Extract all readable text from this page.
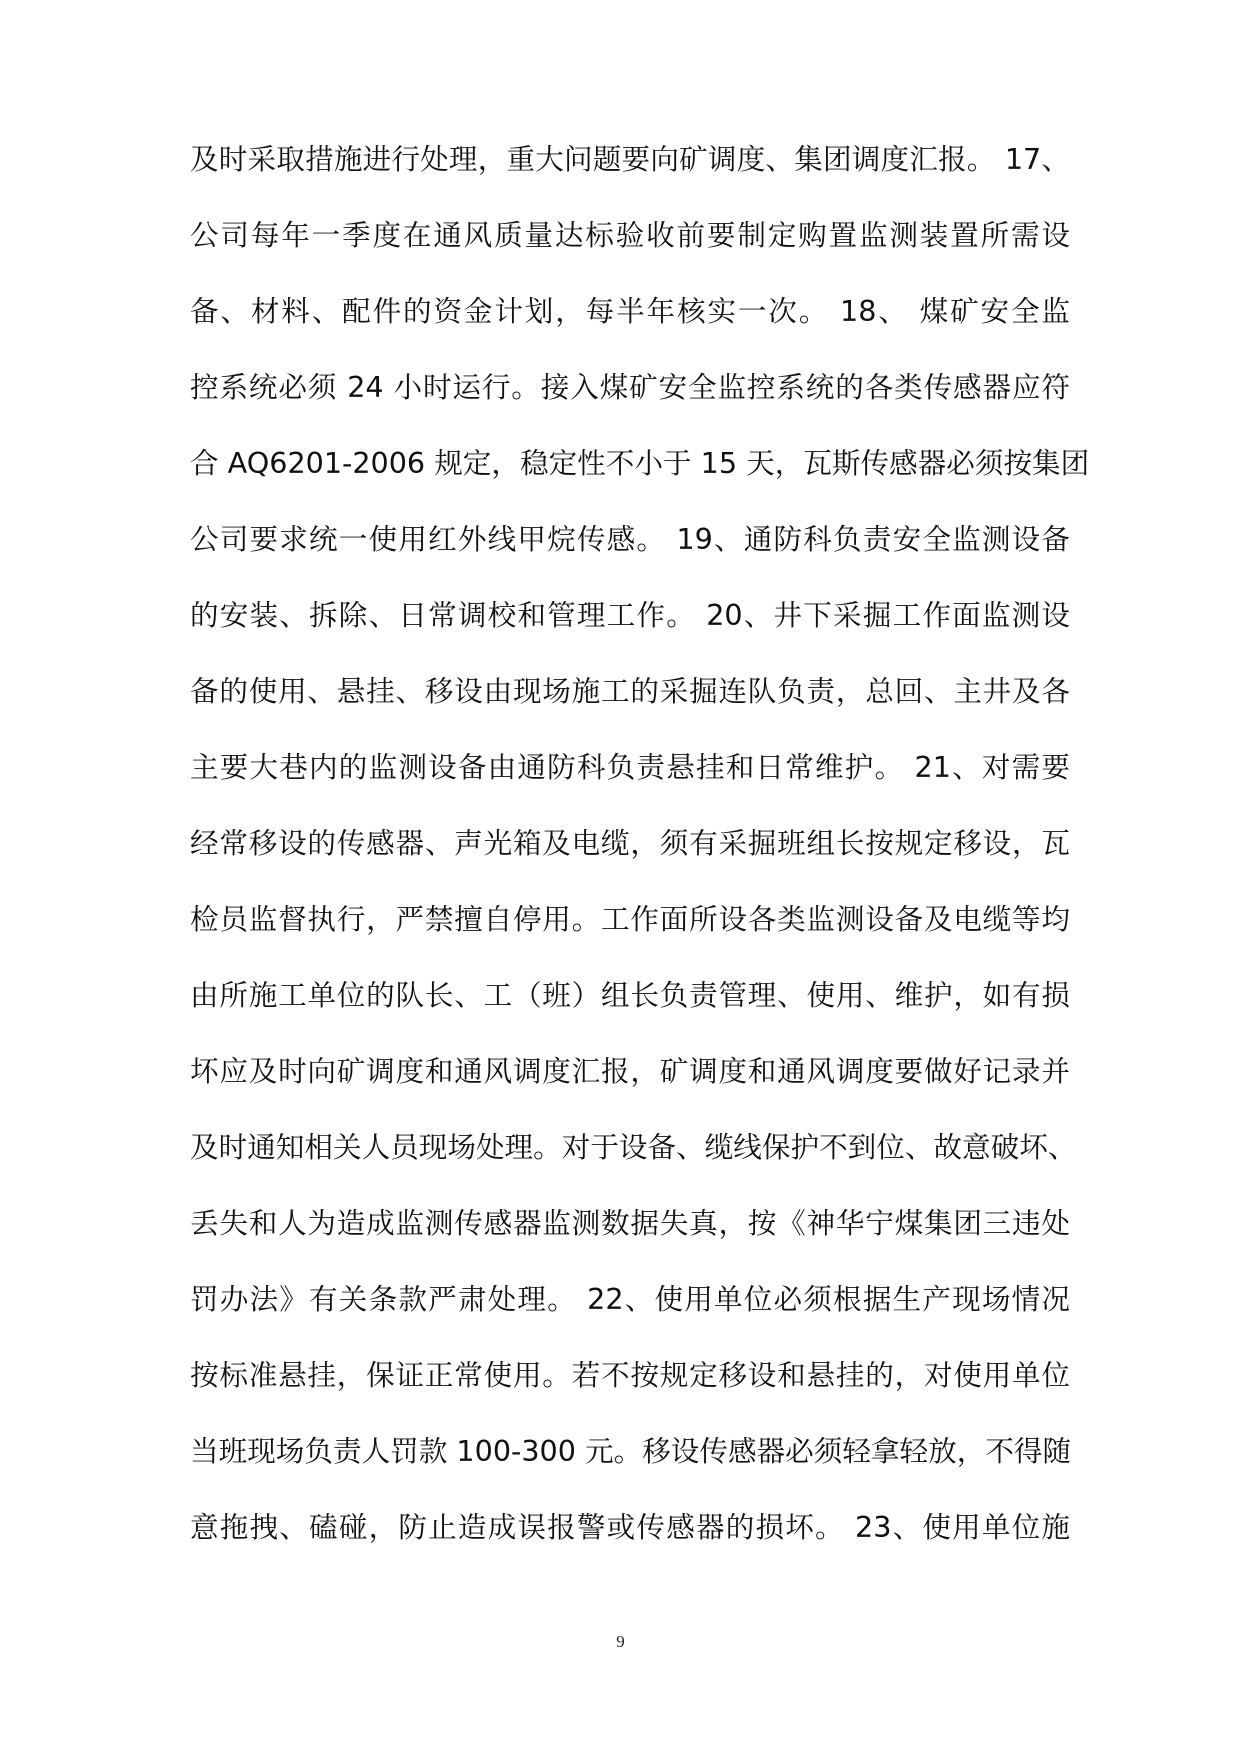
及时采取措施进行处理，重大问题要向矿调度、集团调度汇报。 17、
公司每年一季度在通风质量达标验收前要制定购置监测装置所需设
备、材料、配件的资金计划，每半年核实一次。 18、 煤矿安全监
控系统必须 24 小时运行。接入煤矿安全监控系统的各类传感器应符
合 AQ6201-2006 规定，稳定性不小于 15 天，瓦斯传感器必须按集团
公司要求统一使用红外线甲烷传感。 19、通防科负责安全监测设备
的安装、拆除、日常调校和管理工作。 20、井下采掘工作面监测设
备的使用、悬挂、移设由现场施工的采掘连队负责，总回、主井及各
主要大巷内的监测设备由通防科负责悬挂和日常维护。 21、对需要
经常移设的传感器、声光箱及电缆，须有采掘班组长按规定移设，瓦
检员监督执行，严禁擅自停用。工作面所设各类监测设备及电缆等均
由所施工单位的队长、工（班）组长负责管理、使用、维护，如有损
坏应及时向矿调度和通风调度汇报，矿调度和通风调度要做好记录并
及时通知相关人员现场处理。对于设备、缆线保护不到位、故意破坏、
丢失和人为造成监测传感器监测数据失真，按《神华宁煤集团三违处
罚办法》有关条款严肃处理。 22、使用单位必须根据生产现场情况
按标准悬挂，保证正常使用。若不按规定移设和悬挂的，对使用单位
当班现场负责人罚款 100-300 元。移设传感器必须轻拿轻放，不得随
意拖拽、磕碰，防止造成误报警或传感器的损坏。 23、使用单位施
9
